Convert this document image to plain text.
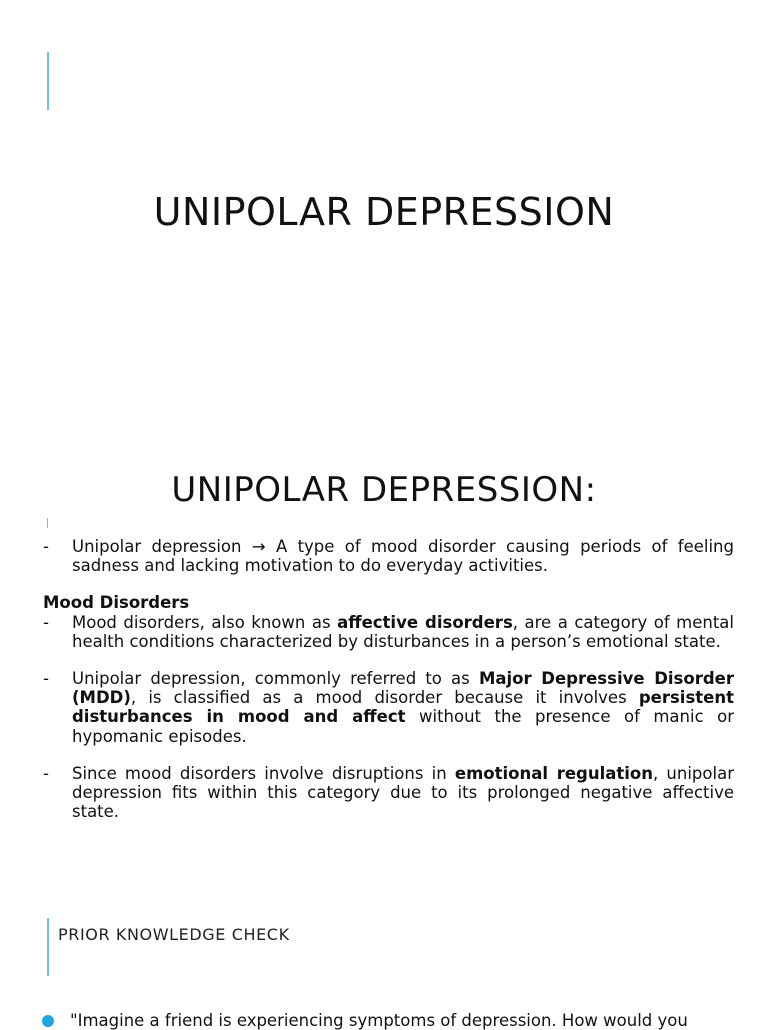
UNIPOLAR DEPRESSION
UNIPOLAR DEPRESSION:
-	Unipolar depression → A type of mood disorder causing periods of feeling sadness and lacking motivation to do everyday activities.
Mood Disorders
-	Mood disorders, also known as affective disorders, are a category of mental health conditions characterized by disturbances in a person’s emotional state.
-	Unipolar depression, commonly referred to as Major Depressive Disorder (MDD), is classified as a mood disorder because it involves persistent disturbances in mood and affect without the presence of manic or hypomanic episodes.
-	Since mood disorders involve disruptions in emotional regulation, unipolar depression fits within this category due to its prolonged negative affective state.
PRIOR KNOWLEDGE CHECK
"Imagine a friend is experiencing symptoms of depression. How would you
